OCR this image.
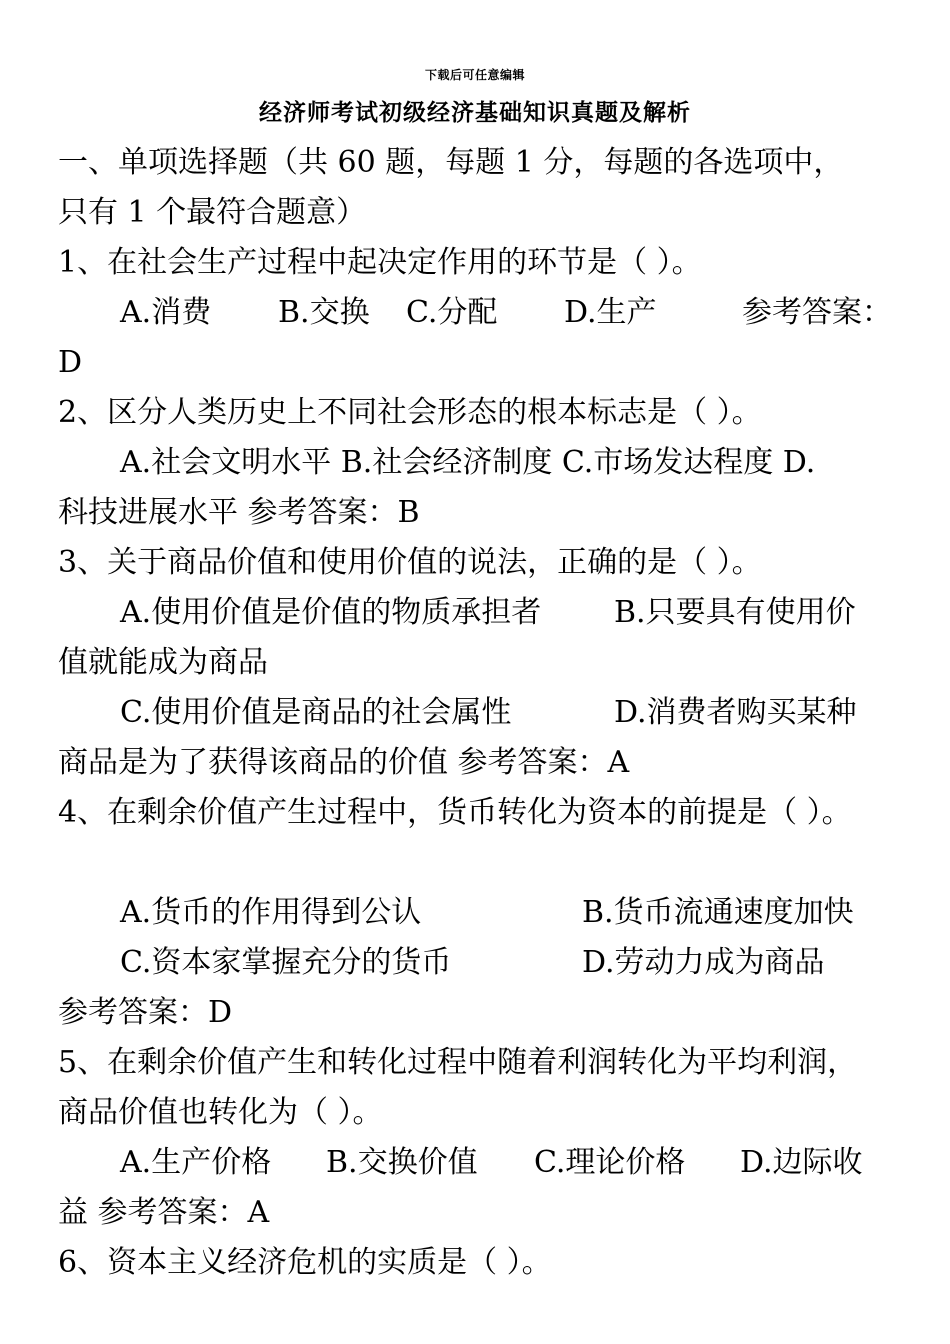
下载后可任意编辑
经济师考试初级经济基础知识真题及解析
一、单项选择题（共 60 题，每题 1 分，每题的各选项中，
只有 1 个最符合题意）
1、在社会生产过程中起决定作用的环节是（ ）。
A.消费 B.交换 C.分配 D.生产	参考答案：
D
2、区分人类历史上不同社会形态的根本标志是（ ）。
A.社会文明水平 B.社会经济制度 C.市场发达程度 D.
科技进展水平 参考答案：B
3、关于商品价值和使用价值的说法，正确的是（ ）。
A.使用价值是价值的物质承担者 B.只要具有使用价
值就能成为商品
C.使用价值是商品的社会属性	D.消费者购买某种
商品是为了获得该商品的价值 参考答案：A
4、在剩余价值产生过程中，货币转化为资本的前提是（ ）。
A.货币的作用得到公认	B.货币流通速度加快
C.资本家掌握充分的货币	D.劳动力成为商品
参考答案：D
5、在剩余价值产生和转化过程中随着利润转化为平均利润，
商品价值也转化为（ ）。
A.生产价格 B.交换价值 C.理论价格 D.边际收
益 参考答案：A
6、资本主义经济危机的实质是（ ）。
